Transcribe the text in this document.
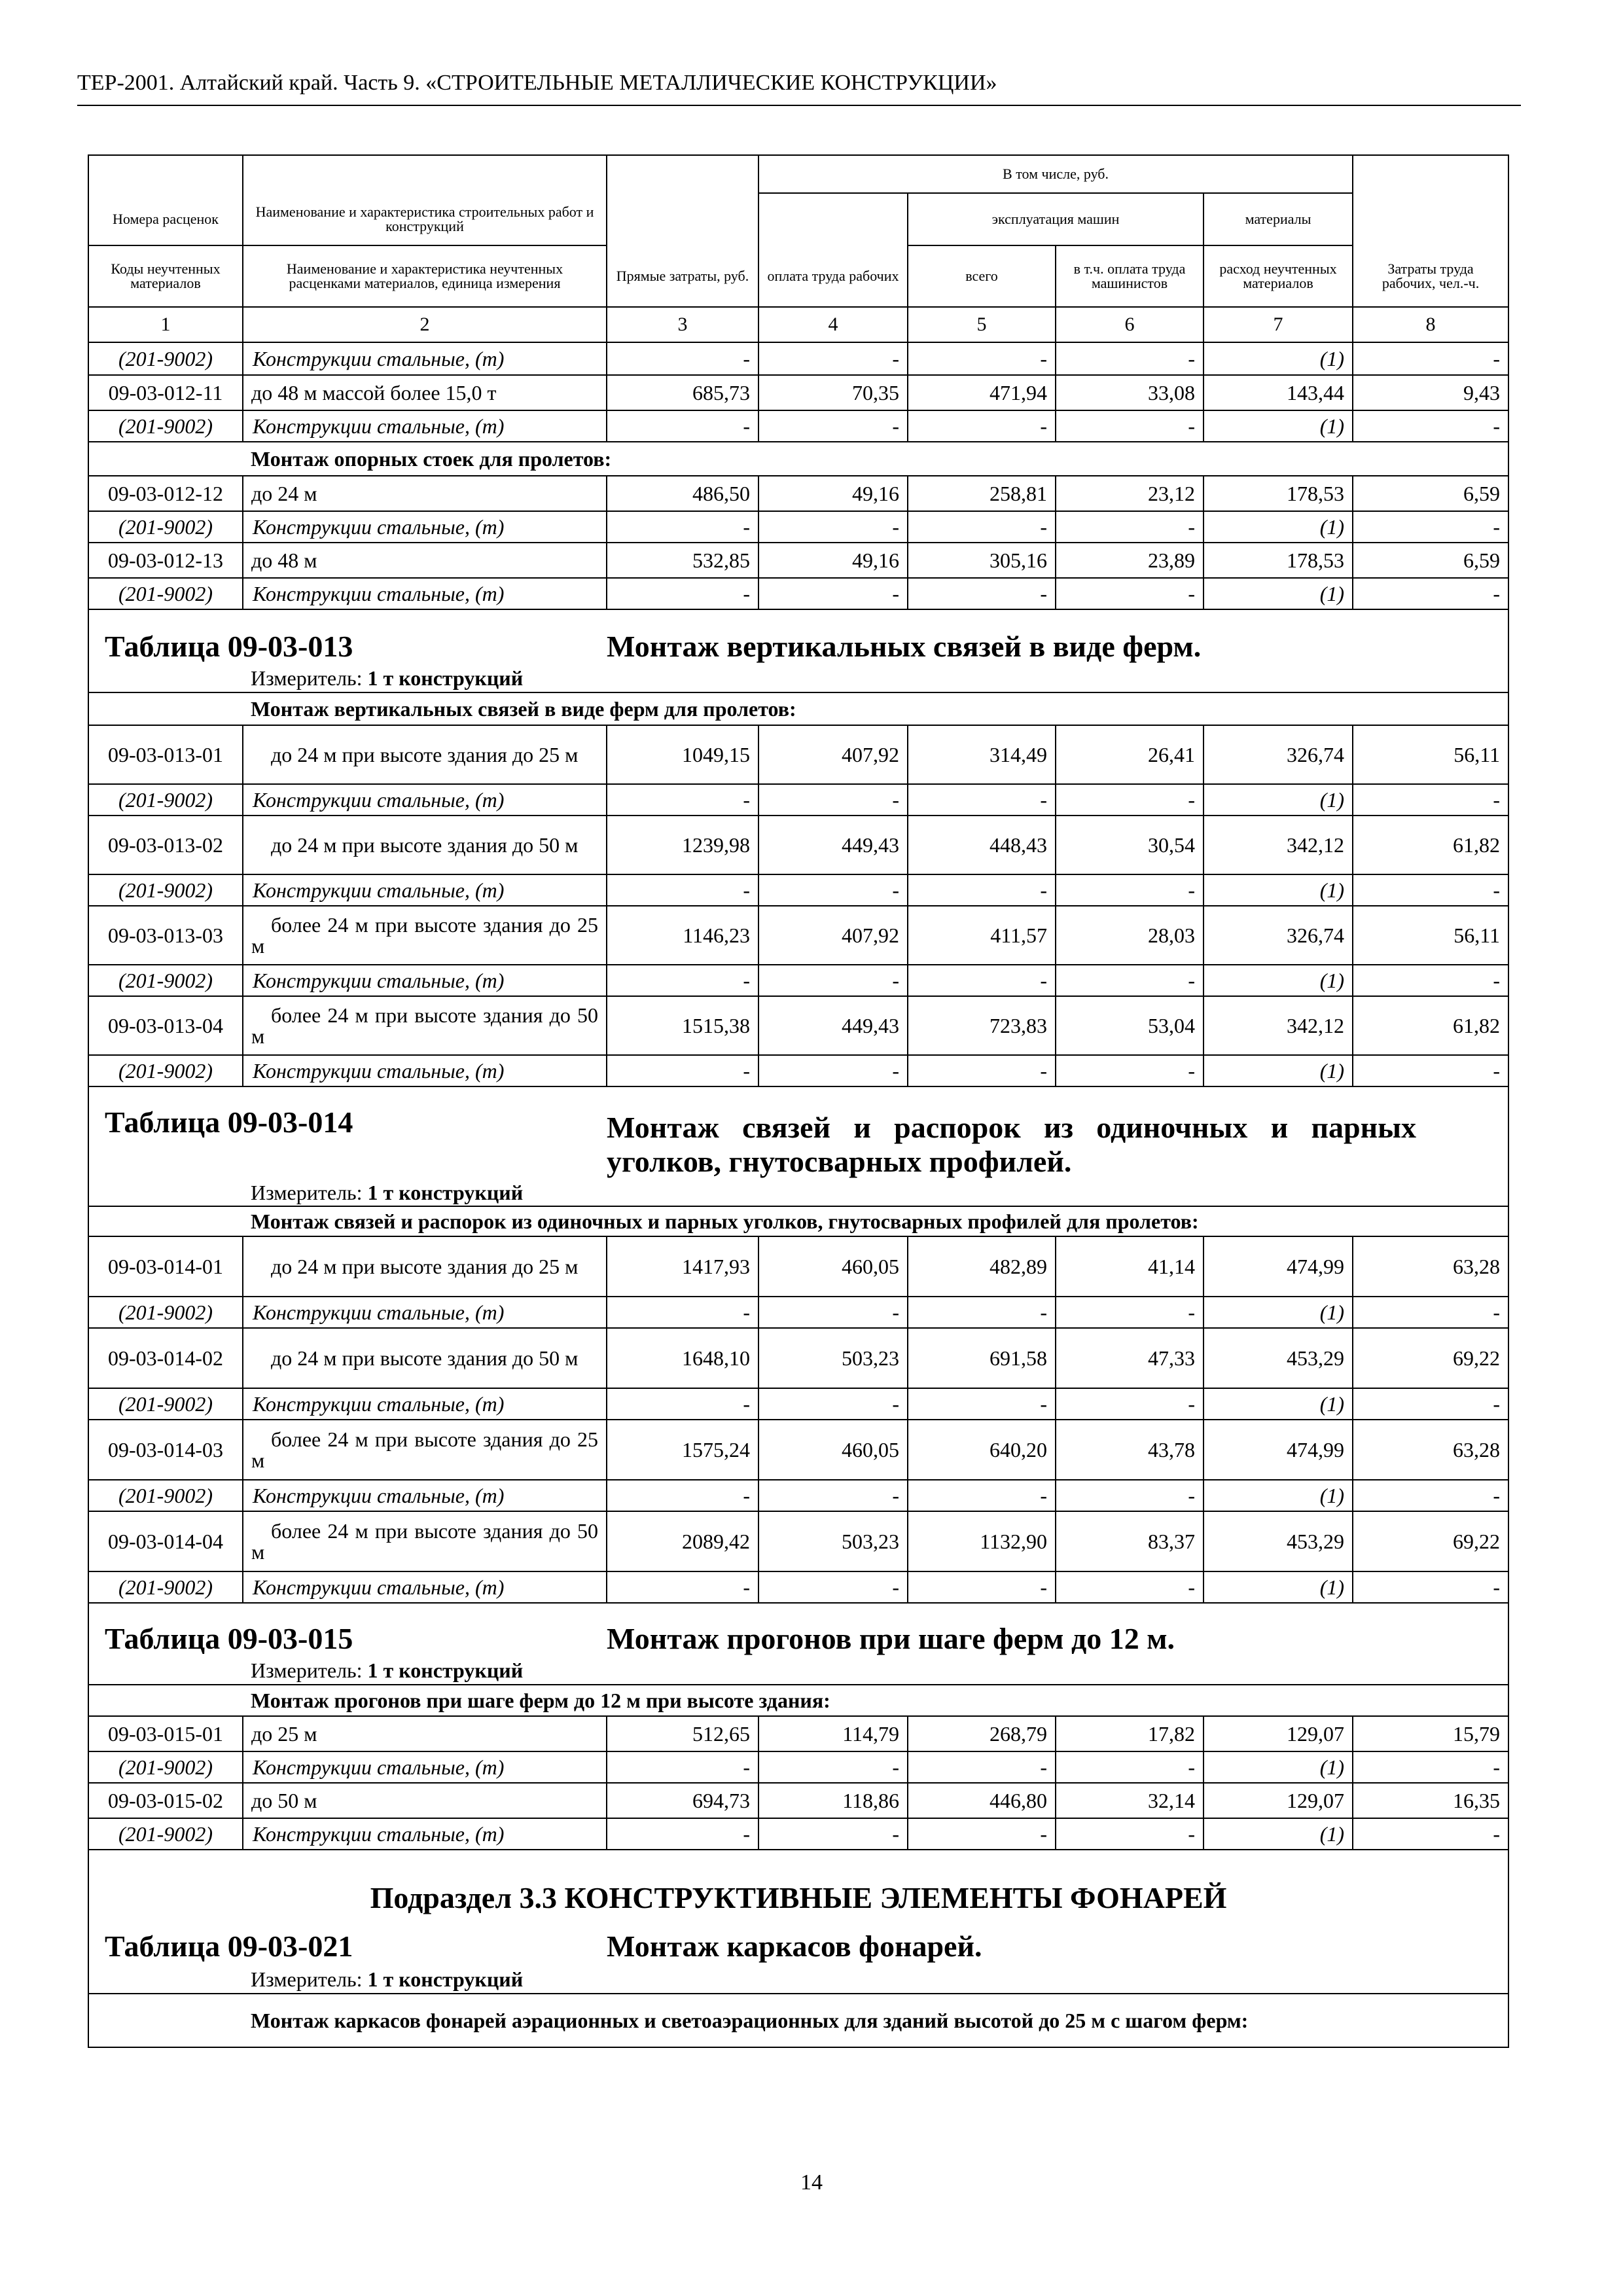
ТЕР-2001. Алтайский край. Часть 9. «СТРОИТЕЛЬНЫЕ МЕТАЛЛИЧЕСКИЕ КОНСТРУКЦИИ»
			В том числе, руб.				
Номера расценок	Наименование и характеристика строительных работ и конструкций			эксплуатация машин		материалы	
Коды неучтенных материалов	Наименование и характеристика неучтенных расценками материалов, единица измерения	Прямые затраты, руб.	оплата труда рабочих	всего	в т.ч. оплата труда машинистов	расход неучтенных материалов	Затраты труда рабочих, чел.-ч.
1	2	3	4	5	6	7	8
(201-9002)	Конструкции стальные, (т)	-	-	-	-	(1)	-
09-03-012-11	до 48 м массой более 15,0 т	685,73	70,35	471,94	33,08	143,44	9,43
(201-9002)	Конструкции стальные, (т)	-	-	-	-	(1)	-
	Монтаж опорных стоек для пролетов:						
09-03-012-12	до 24 м	486,50	49,16	258,81	23,12	178,53	6,59
(201-9002)	Конструкции стальные, (т)	-	-	-	-	(1)	-
09-03-012-13	до 48 м	532,85	49,16	305,16	23,89	178,53	6,59
(201-9002)	Конструкции стальные, (т)	-	-	-	-	(1)	-
Таблица 09-03-013		Монтаж вертикальных связей в виде ферм.					
	Измеритель: 1 т конструкций						
	Монтаж вертикальных связей в виде ферм для пролетов:						
09-03-013-01	до 24 м при высоте здания до 25 м	1049,15	407,92	314,49	26,41	326,74	56,11
(201-9002)	Конструкции стальные, (т)	-	-	-	-	(1)	-
09-03-013-02	до 24 м при высоте здания до 50 м	1239,98	449,43	448,43	30,54	342,12	61,82
(201-9002)	Конструкции стальные, (т)	-	-	-	-	(1)	-
09-03-013-03	более 24 м при высоте здания до 25 м	1146,23	407,92	411,57	28,03	326,74	56,11
(201-9002)	Конструкции стальные, (т)	-	-	-	-	(1)	-
09-03-013-04	более 24 м при высоте здания до 50 м	1515,38	449,43	723,83	53,04	342,12	61,82
(201-9002)	Конструкции стальные, (т)	-	-	-	-	(1)	-
Таблица 09-03-014		Монтаж связей и распорок из одиночных и парных уголков, гнутосварных профилей.					
	Измеритель: 1 т конструкций						
	Монтаж связей и распорок из одиночных и парных уголков, гнутосварных профилей для пролетов:						
09-03-014-01	до 24 м при высоте здания до 25 м	1417,93	460,05	482,89	41,14	474,99	63,28
(201-9002)	Конструкции стальные, (т)	-	-	-	-	(1)	-
09-03-014-02	до 24 м при высоте здания до 50 м	1648,10	503,23	691,58	47,33	453,29	69,22
(201-9002)	Конструкции стальные, (т)	-	-	-	-	(1)	-
09-03-014-03	более 24 м при высоте здания до 25 м	1575,24	460,05	640,20	43,78	474,99	63,28
(201-9002)	Конструкции стальные, (т)	-	-	-	-	(1)	-
09-03-014-04	более 24 м при высоте здания до 50 м	2089,42	503,23	1132,90	83,37	453,29	69,22
(201-9002)	Конструкции стальные, (т)	-	-	-	-	(1)	-
Таблица 09-03-015		Монтаж прогонов при шаге ферм до 12 м.					
	Измеритель: 1 т конструкций						
	Монтаж прогонов при шаге ферм до 12 м при высоте здания:						
09-03-015-01	до 25 м	512,65	114,79	268,79	17,82	129,07	15,79
(201-9002)	Конструкции стальные, (т)	-	-	-	-	(1)	-
09-03-015-02	до 50 м	694,73	118,86	446,80	32,14	129,07	16,35
(201-9002)	Конструкции стальные, (т)	-	-	-	-	(1)	-
Подраздел 3.3 КОНСТРУКТИВНЫЕ ЭЛЕМЕНТЫ ФОНАРЕЙ							
Таблица 09-03-021		Монтаж каркасов фонарей.					
	Измеритель: 1 т конструкций						
	Монтаж каркасов фонарей аэрационных и светоаэрационных для зданий высотой до 25 м с шагом ферм:						
14
